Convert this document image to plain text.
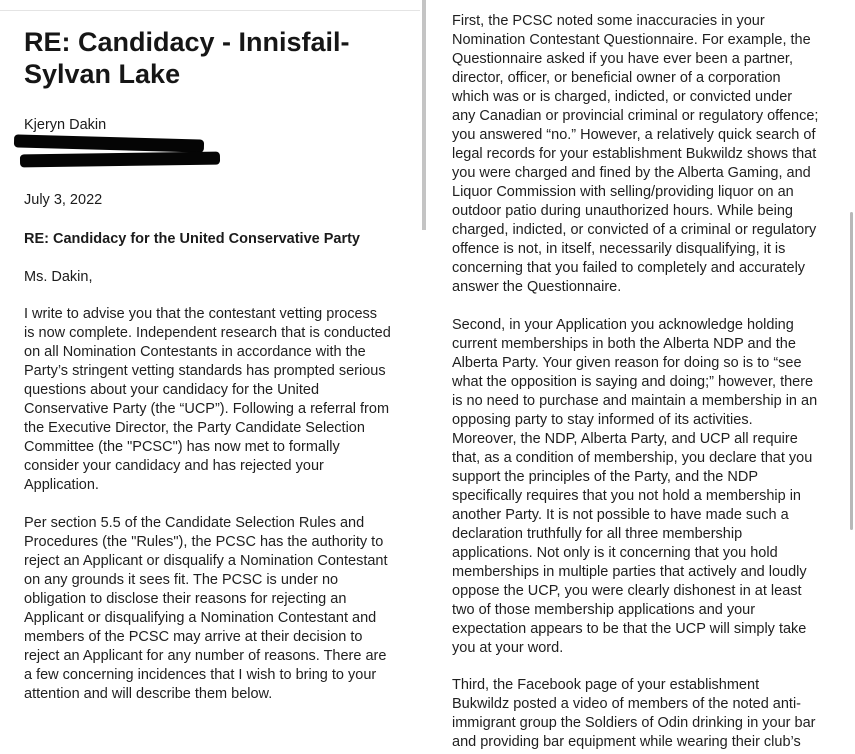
RE: Candidacy - Innisfail-
Sylvan Lake
Kjeryn Dakin
July 3, 2022
RE: Candidacy for the United Conservative Party
Ms. Dakin,
I write to advise you that the contestant vetting process
is now complete. Independent research that is conducted
on all Nomination Contestants in accordance with the
Party’s stringent vetting standards has prompted serious
questions about your candidacy for the United
Conservative Party (the “UCP”). Following a referral from
the Executive Director, the Party Candidate Selection
Committee (the "PCSC") has now met to formally
consider your candidacy and has rejected your
Application.
Per section 5.5 of the Candidate Selection Rules and
Procedures (the "Rules"), the PCSC has the authority to
reject an Applicant or disqualify a Nomination Contestant
on any grounds it sees fit. The PCSC is under no
obligation to disclose their reasons for rejecting an
Applicant or disqualifying a Nomination Contestant and
members of the PCSC may arrive at their decision to
reject an Applicant for any number of reasons. There are
a few concerning incidences that I wish to bring to your
attention and will describe them below.
First, the PCSC noted some inaccuracies in your
Nomination Contestant Questionnaire. For example, the
Questionnaire asked if you have ever been a partner,
director, officer, or beneficial owner of a corporation
which was or is charged, indicted, or convicted under
any Canadian or provincial criminal or regulatory offence;
you answered “no.” However, a relatively quick search of
legal records for your establishment Bukwildz shows that
you were charged and fined by the Alberta Gaming, and
Liquor Commission with selling/providing liquor on an
outdoor patio during unauthorized hours. While being
charged, indicted, or convicted of a criminal or regulatory
offence is not, in itself, necessarily disqualifying, it is
concerning that you failed to completely and accurately
answer the Questionnaire.
Second, in your Application you acknowledge holding
current memberships in both the Alberta NDP and the
Alberta Party. Your given reason for doing so is to “see
what the opposition is saying and doing;” however, there
is no need to purchase and maintain a membership in an
opposing party to stay informed of its activities.
Moreover, the NDP, Alberta Party, and UCP all require
that, as a condition of membership, you declare that you
support the principles of the Party, and the NDP
specifically requires that you not hold a membership in
another Party. It is not possible to have made such a
declaration truthfully for all three membership
applications. Not only is it concerning that you hold
memberships in multiple parties that actively and loudly
oppose the UCP, you were clearly dishonest in at least
two of those membership applications and your
expectation appears to be that the UCP will simply take
you at your word.
Third, the Facebook page of your establishment
Bukwildz posted a video of members of the noted anti-
immigrant group the Soldiers of Odin drinking in your bar
and providing bar equipment while wearing their club’s
